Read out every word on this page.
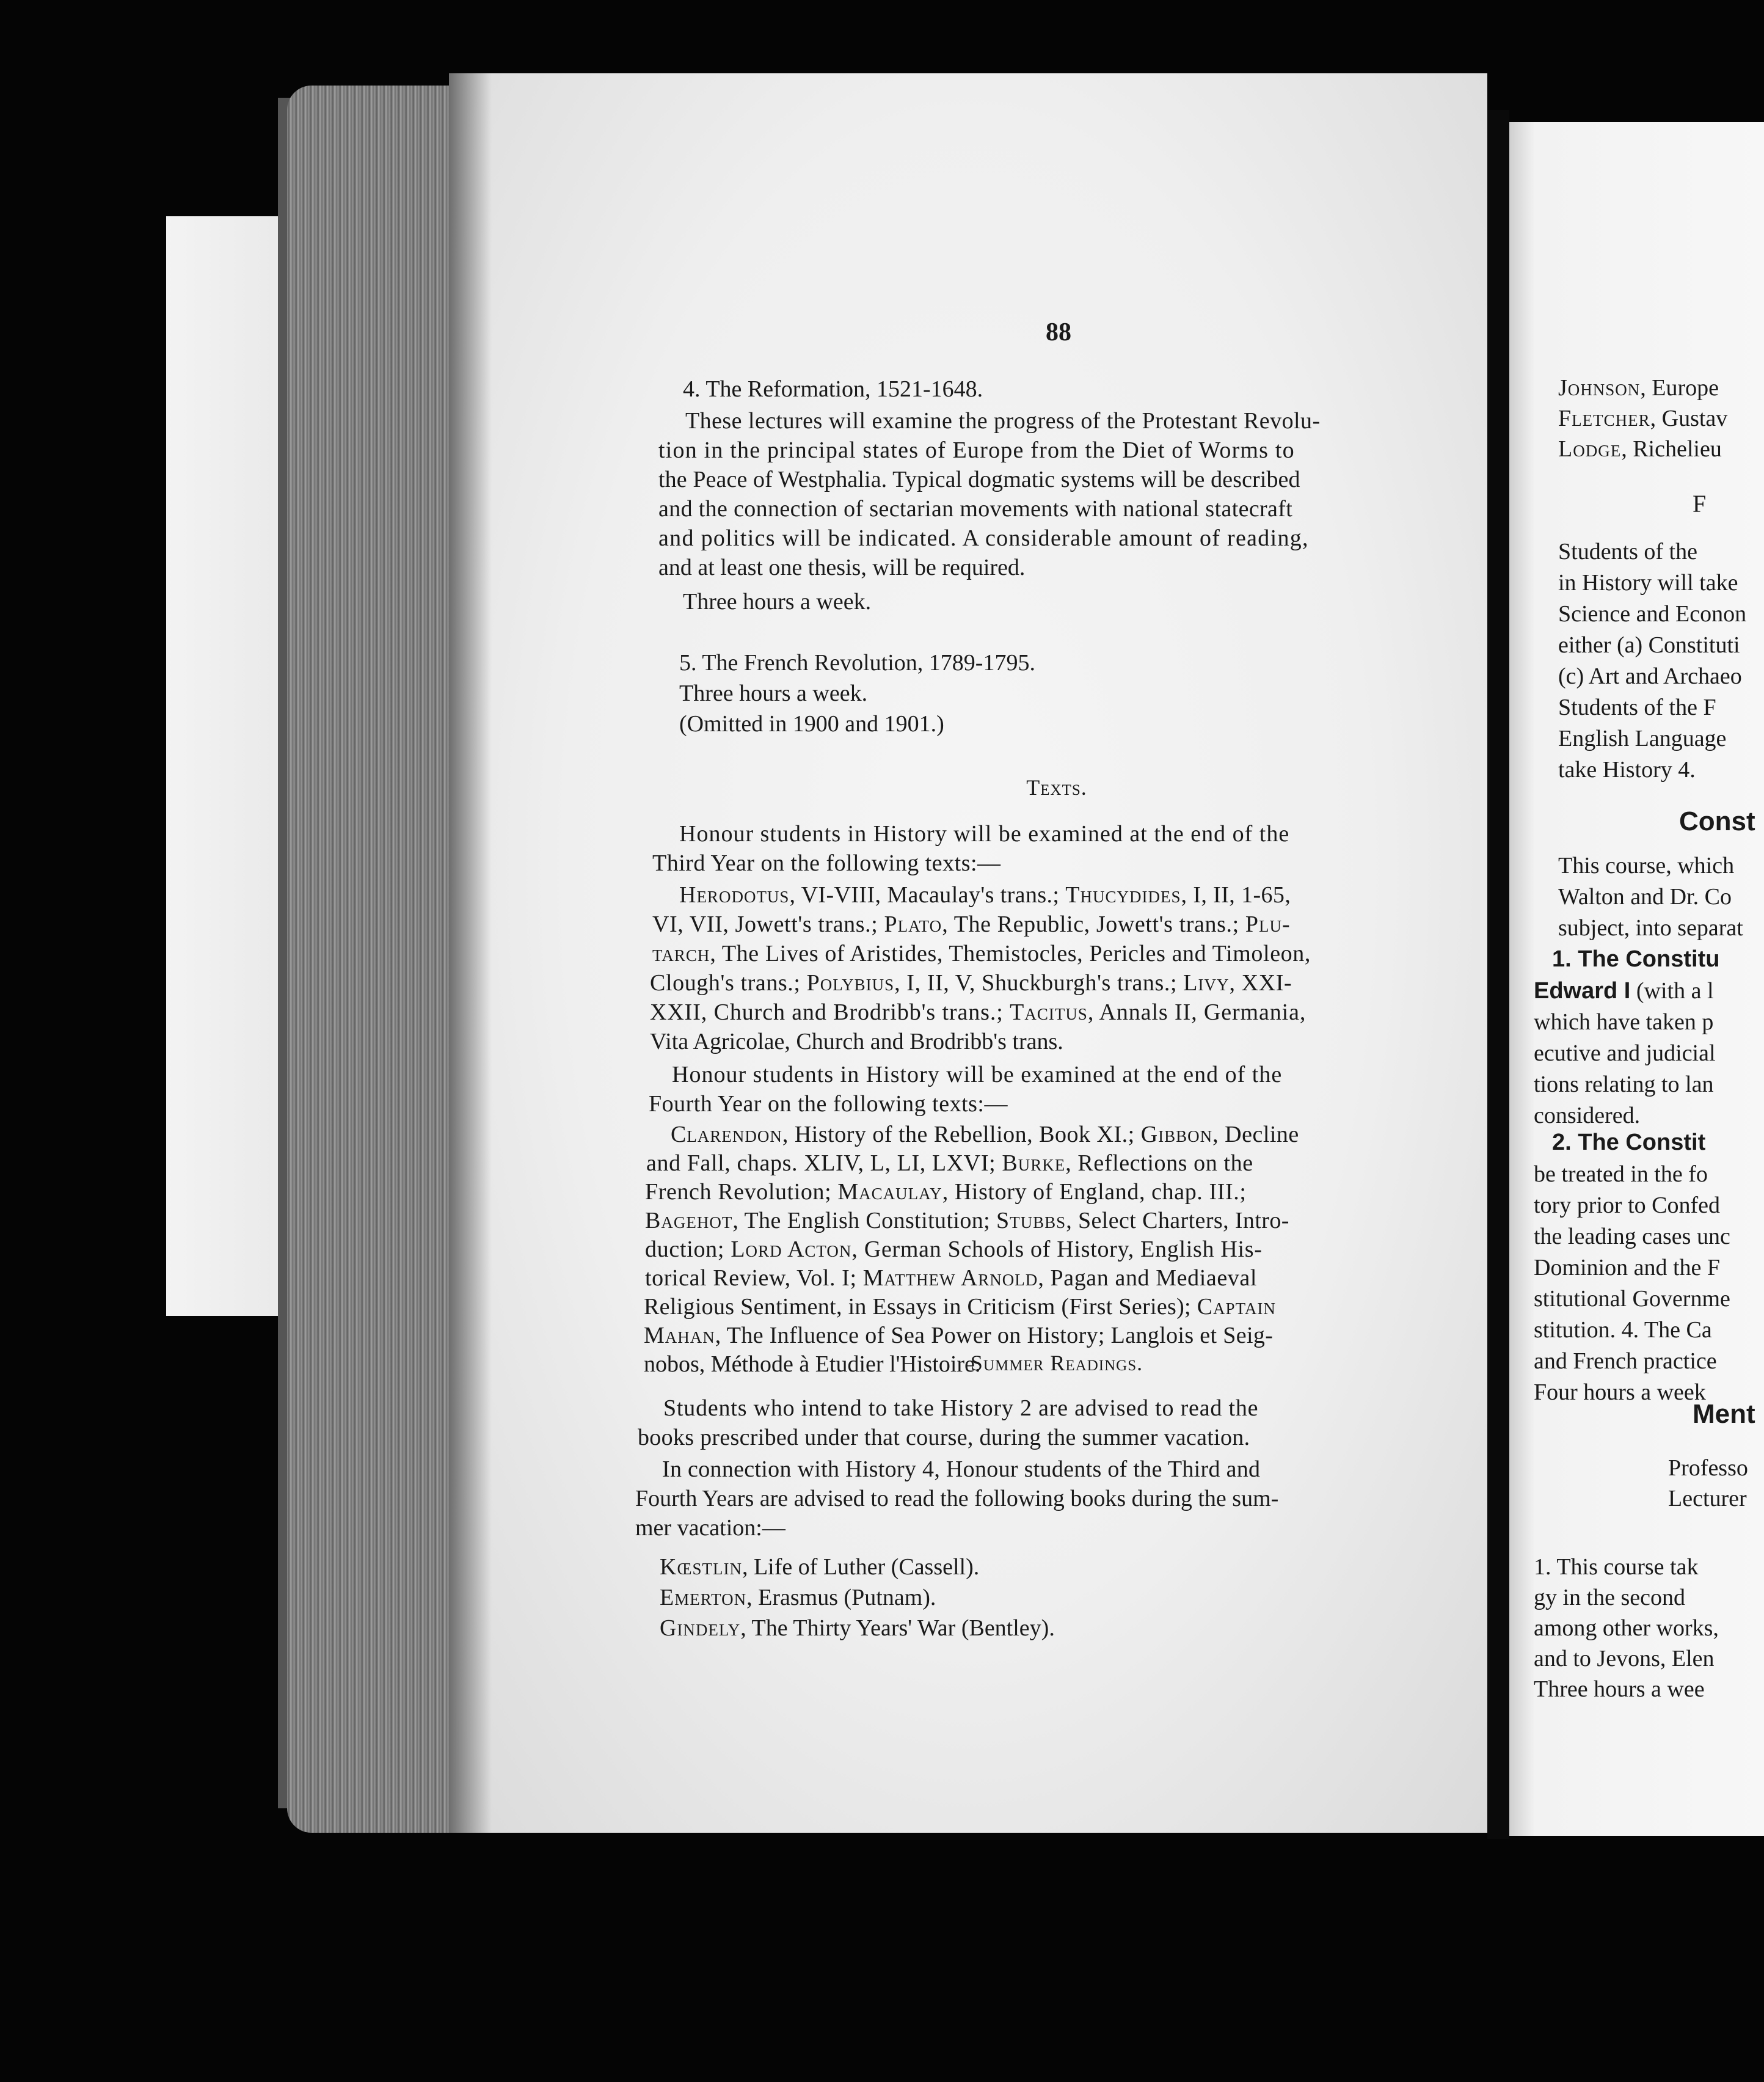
88
4. The Reformation, 1521-1648.
These lectures will examine the progress of the Protestant Revolu-
tion in the principal states of Europe from the Diet of Worms to
the Peace of Westphalia. Typical dogmatic systems will be described
and the connection of sectarian movements with national statecraft
and politics will be indicated. A considerable amount of reading,
and at least one thesis, will be required.
Three hours a week.
5. The French Revolution, 1789-1795.
Three hours a week.
(Omitted in 1900 and 1901.)
Texts.
Honour students in History will be examined at the end of the
Third Year on the following texts:—
Herodotus, VI-VIII, Macaulay's trans.; Thucydides, I, II, 1-65,
VI, VII, Jowett's trans.; Plato, The Republic, Jowett's trans.; Plu-
tarch, The Lives of Aristides, Themistocles, Pericles and Timoleon,
Clough's trans.; Polybius, I, II, V, Shuckburgh's trans.; Livy, XXI-
XXII, Church and Brodribb's trans.; Tacitus, Annals II, Germania,
Vita Agricolae, Church and Brodribb's trans.
Honour students in History will be examined at the end of the
Fourth Year on the following texts:—
Clarendon, History of the Rebellion, Book XI.; Gibbon, Decline
and Fall, chaps. XLIV, L, LI, LXVI; Burke, Reflections on the
French Revolution; Macaulay, History of England, chap. III.;
Bagehot, The English Constitution; Stubbs, Select Charters, Intro-
duction; Lord Acton, German Schools of History, English His-
torical Review, Vol. I; Matthew Arnold, Pagan and Mediaeval
Religious Sentiment, in Essays in Criticism (First Series); Captain
Mahan, The Influence of Sea Power on History; Langlois et Seig-
nobos, Méthode à Etudier l'Histoire.
Summer Readings.
Students who intend to take History 2 are advised to read the
books prescribed under that course, during the summer vacation.
In connection with History 4, Honour students of the Third and
Fourth Years are advised to read the following books during the sum-
mer vacation:—
Kœstlin, Life of Luther (Cassell).
Emerton, Erasmus (Putnam).
Gindely, The Thirty Years' War (Bentley).
Johnson, Europe
Fletcher, Gustav
Lodge, Richelieu
F
Students of the
in History will take
Science and Econon
either (a) Constituti
(c) Art and Archaeo
Students of the F
English Language
take History 4.
Const
This course, which
Walton and Dr. Co
subject, into separat
1. The Constitu
Edward I (with a l
which have taken p
ecutive and judicial
tions relating to lan
considered.
2. The Constit
be treated in the fo
tory prior to Confed
the leading cases unc
Dominion and the F
stitutional Governme
stitution. 4. The Ca
and French practice
Four hours a week
Ment
Professo
Lecturer
1. This course tak
gy in the second
among other works,
and to Jevons, Elen
Three hours a wee
